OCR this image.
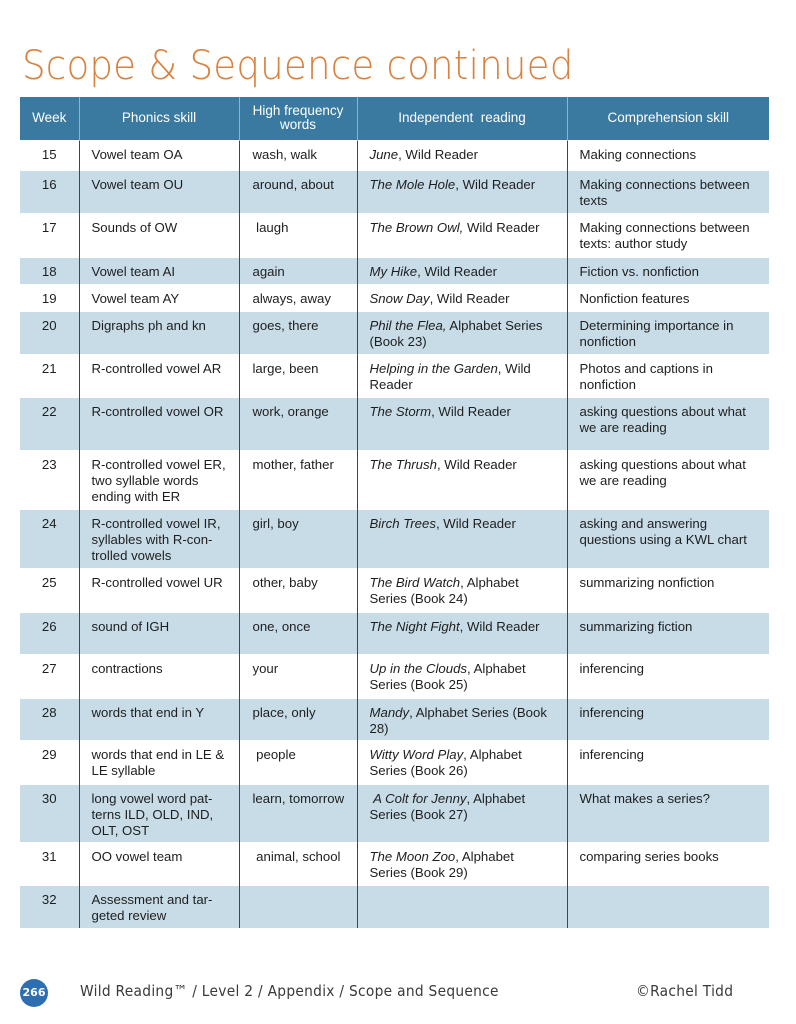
Scope & Sequence continued
Week	Phonics skill	High frequency words	Independent  reading	Comprehension skill
15	Vowel team OA	wash, walk	June, Wild Reader	Making connections
16	Vowel team OU	around, about	The Mole Hole, Wild Reader	Making connections between texts
17	Sounds of OW	laugh	The Brown Owl, Wild Reader	Making connections between texts: author study
18	Vowel team AI	again	My Hike, Wild Reader	Fiction vs. nonfiction
19	Vowel team AY	always, away	Snow Day, Wild Reader	Nonfiction features
20	Digraphs ph and kn	goes, there	Phil the Flea, Alphabet Series (Book 23)	Determining importance in nonfiction
21	R-controlled vowel AR	large, been	Helping in the Garden, Wild Reader	Photos and captions in nonfiction
22	R-controlled vowel OR	work, orange	The Storm, Wild Reader	asking questions about what we are reading
23	R-controlled vowel ER, two syllable words ending with ER	mother, father	The Thrush, Wild Reader	asking questions about what we are reading
24	R-controlled vowel IR, syllables with R-con-trolled vowels	girl, boy	Birch Trees, Wild Reader	asking and answering questions using a KWL chart
25	R-controlled vowel UR	other, baby	The Bird Watch, Alphabet Series (Book 24)	summarizing nonfiction
26	sound of IGH	one, once	The Night Fight, Wild Reader	summarizing fiction
27	contractions	your	Up in the Clouds, Alphabet Series (Book 25)	inferencing
28	words that end in Y	place, only	Mandy, Alphabet Series (Book 28)	inferencing
29	words that end in LE & LE syllable	people	Witty Word Play, Alphabet Series (Book 26)	inferencing
30	long vowel word pat-terns ILD, OLD, IND, OLT, OST	learn, tomorrow	A Colt for Jenny, Alphabet Series (Book 27)	What makes a series?
31	OO vowel team	animal, school	The Moon Zoo, Alphabet Series (Book 29)	comparing series books
32	Assessment and tar-geted review			
266 Wild Reading™ / Level 2 / Appendix / Scope and Sequence	©Rachel Tidd
